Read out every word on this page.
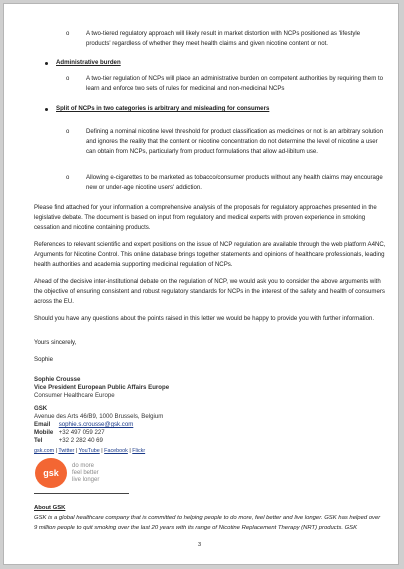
o	A two-tiered regulatory approach will likely result in market distortion with NCPs positioned as 'lifestyle products' regardless of whether they meet health claims and given nicotine content or not.
Administrative burden
o	A two-tier regulation of NCPs will place an administrative burden on competent authorities by requiring them to learn and enforce two sets of rules for medicinal and non-medicinal NCPs
Split of NCPs in two categories is arbitrary and misleading for consumers
o	Defining a nominal nicotine level threshold for product classification as medicines or not is an arbitrary solution and ignores the reality that the content or nicotine concentration do not determine the level of nicotine a user can obtain from NCPs, particularly from product formulations that allow ad-libitum use.
o	Allowing e-cigarettes to be marketed as tobacco/consumer products without any health claims may encourage new or under-age nicotine users' addiction.
Please find attached for your information a comprehensive analysis of the proposals for regulatory approaches presented in the legislative debate. The document is based on input from regulatory and medical experts with proven experience in smoking cessation and nicotine containing products.
References to relevant scientific and expert positions on the issue of NCP regulation are available through the web platform A4NC, Arguments for Nicotine Control. This online database brings together statements and opinions of healthcare professionals, leading health authorities and academia supporting medicinal regulation of NCPs.
Ahead of the decisive inter-institutional debate on the regulation of NCP, we would ask you to consider the above arguments with the objective of ensuring consistent and robust regulatory standards for NCPs in the interest of the safety and health of consumers across the EU.
Should you have any questions about the points raised in this letter we would be happy to provide you with further information.
Yours sincerely,
Sophie
Sophie Crousse
Vice President European Public Affairs Europe
Consumer Healthcare Europe
GSK
Avenue des Arts 46/B9, 1000 Brussels, Belgium
Email sophie.s.crousse@gsk.com
Mobile +32 497 059 227
Tel	+32 2 282 40 69
gsk.com | Twitter | YouTube | Facebook | Flickr
gsk
do more
feel better
live longer
About GSK
GSK is a global healthcare company that is committed to helping people to do more, feel better and live longer. GSK has helped over 9 million people to quit smoking over the last 20 years with its range of Nicotine Replacement Therapy (NRT) products. GSK
3
